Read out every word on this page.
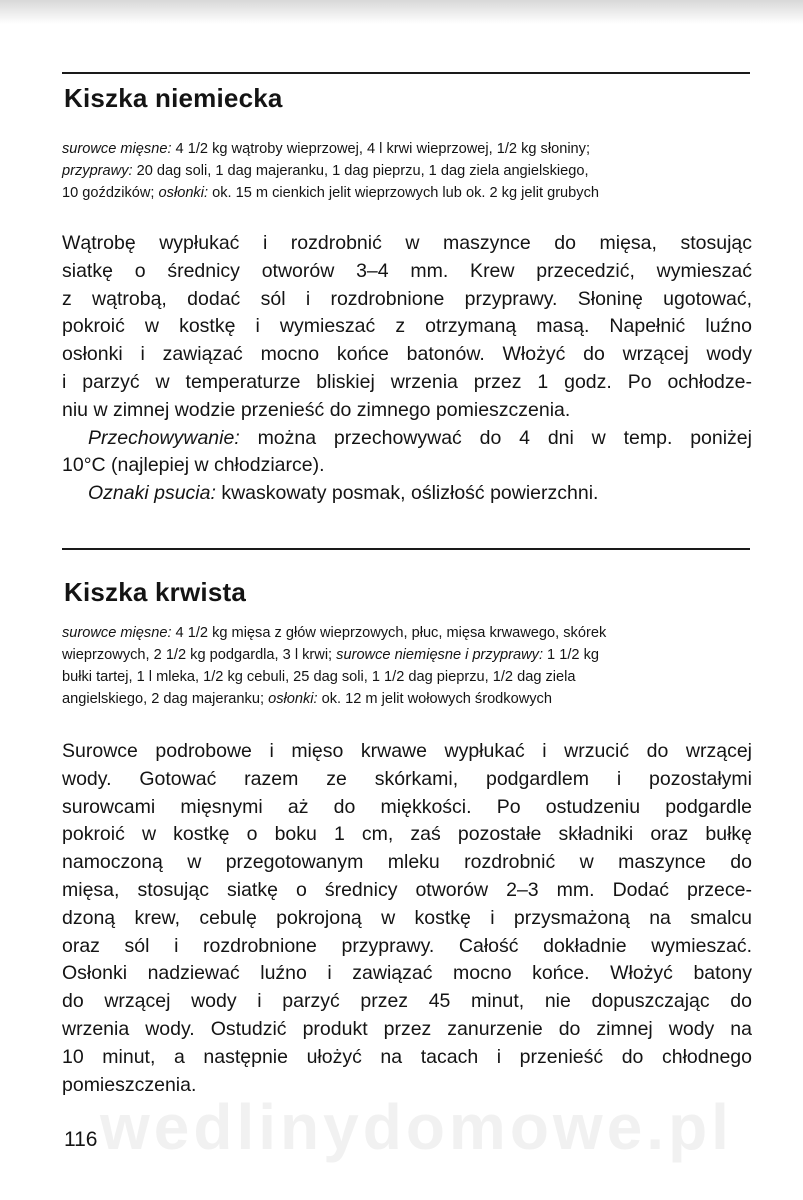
Kiszka niemiecka
surowce mięsne: 4 1/2 kg wątroby wieprzowej, 4 l krwi wieprzowej, 1/2 kg słoniny;
przyprawy: 20 dag soli, 1 dag majeranku, 1 dag pieprzu, 1 dag ziela angielskiego,
10 goździków; osłonki: ok. 15 m cienkich jelit wieprzowych lub ok. 2 kg jelit grubych
Wątrobę wypłukać i rozdrobnić w maszynce do mięsa, stosując
siatkę o średnicy otworów 3–4 mm. Krew przecedzić, wymieszać
z wątrobą, dodać sól i rozdrobnione przyprawy. Słoninę ugotować,
pokroić w kostkę i wymieszać z otrzymaną masą. Napełnić luźno
osłonki i zawiązać mocno końce batonów. Włożyć do wrzącej wody
i parzyć w temperaturze bliskiej wrzenia przez 1 godz. Po ochłodze-
niu w zimnej wodzie przenieść do zimnego pomieszczenia.
Przechowywanie: można przechowywać do 4 dni w temp. poniżej
10°C (najlepiej w chłodziarce).
Oznaki psucia: kwaskowaty posmak, oślizłość powierzchni.
Kiszka krwista
surowce mięsne: 4 1/2 kg mięsa z głów wieprzowych, płuc, mięsa krwawego, skórek
wieprzowych, 2 1/2 kg podgardla, 3 l krwi; surowce niemięsne i przyprawy: 1 1/2 kg
bułki tartej, 1 l mleka, 1/2 kg cebuli, 25 dag soli, 1 1/2 dag pieprzu, 1/2 dag ziela
angielskiego, 2 dag majeranku; osłonki: ok. 12 m jelit wołowych środkowych
Surowce podrobowe i mięso krwawe wypłukać i wrzucić do wrzącej
wody. Gotować razem ze skórkami, podgardlem i pozostałymi
surowcami mięsnymi aż do miękkości. Po ostudzeniu podgardle
pokroić w kostkę o boku 1 cm, zaś pozostałe składniki oraz bułkę
namoczoną w przegotowanym mleku rozdrobnić w maszynce do
mięsa, stosując siatkę o średnicy otworów 2–3 mm. Dodać przece-
dzoną krew, cebulę pokrojoną w kostkę i przysmażoną na smalcu
oraz sól i rozdrobnione przyprawy. Całość dokładnie wymieszać.
Osłonki nadziewać luźno i zawiązać mocno końce. Włożyć batony
do wrzącej wody i parzyć przez 45 minut, nie dopuszczając do
wrzenia wody. Ostudzić produkt przez zanurzenie do zimnej wody na
10 minut, a następnie ułożyć na tacach i przenieść do chłodnego
pomieszczenia.
wedlinydomowe.pl
116
